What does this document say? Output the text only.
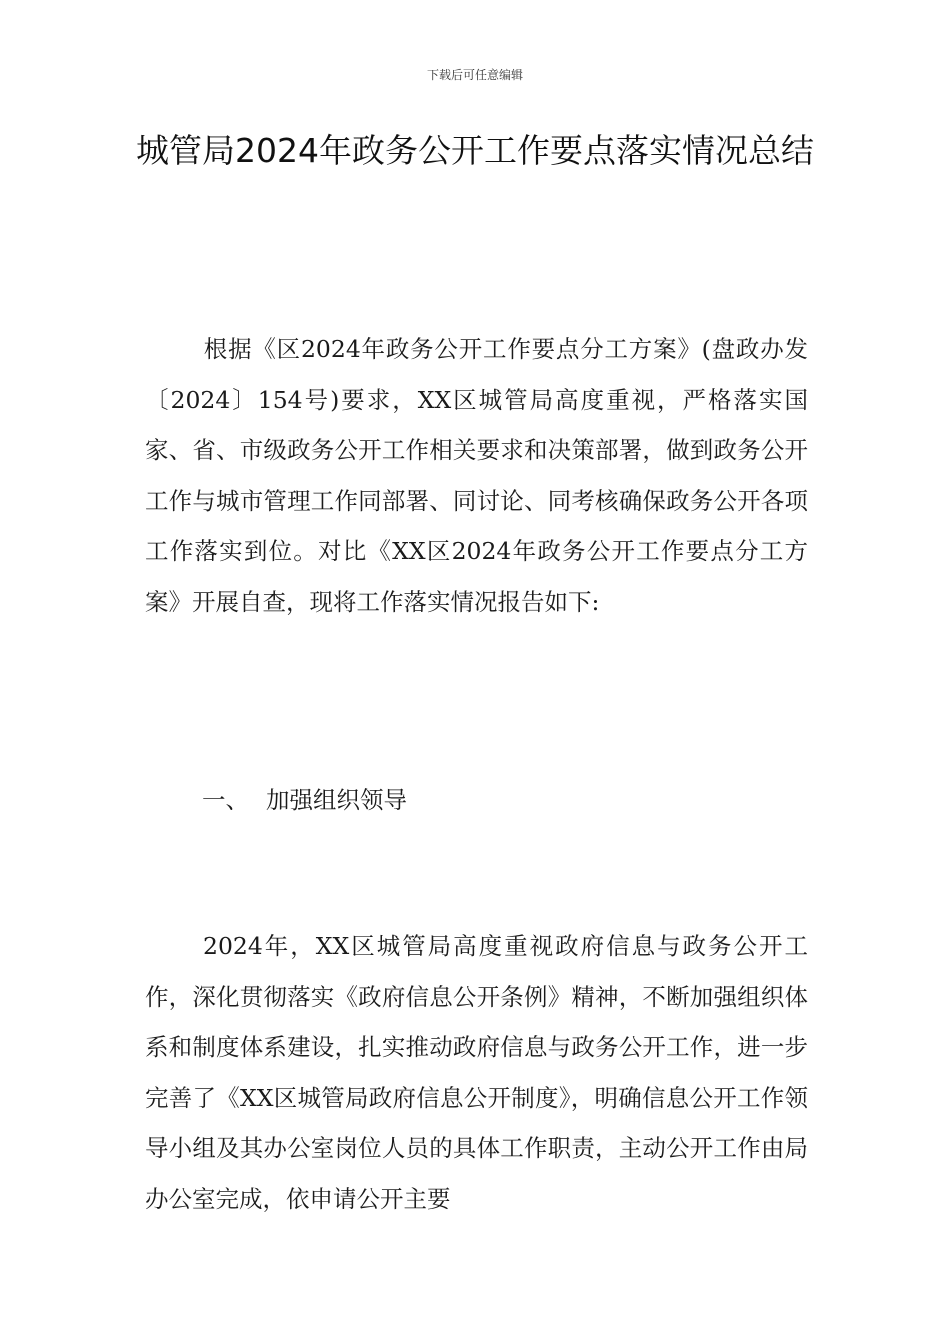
下载后可任意编辑
城管局2024年政务公开工作要点落实情况总结

根据《区2024年政务公开工作要点分工方案》(盘政办发〔2024〕154号)要求，XX区城管局高度重视，严格落实国家、省、市级政务公开工作相关要求和决策部署，做到政务公开工作与城市管理工作同部署、同讨论、同考核确保政务公开各项工作落实到位。对比《XX区2024年政务公开工作要点分工方案》开展自查，现将工作落实情况报告如下:

一、 加强组织领导

2024年，XX区城管局高度重视政府信息与政务公开工作，深化贯彻落实《政府信息公开条例》精神，不断加强组织体系和制度体系建设，扎实推动政府信息与政务公开工作，进一步完善了《XX区城管局政府信息公开制度》，明确信息公开工作领导小组及其办公室岗位人员的具体工作职责，主动公开工作由局办公室完成，依申请公开主要
